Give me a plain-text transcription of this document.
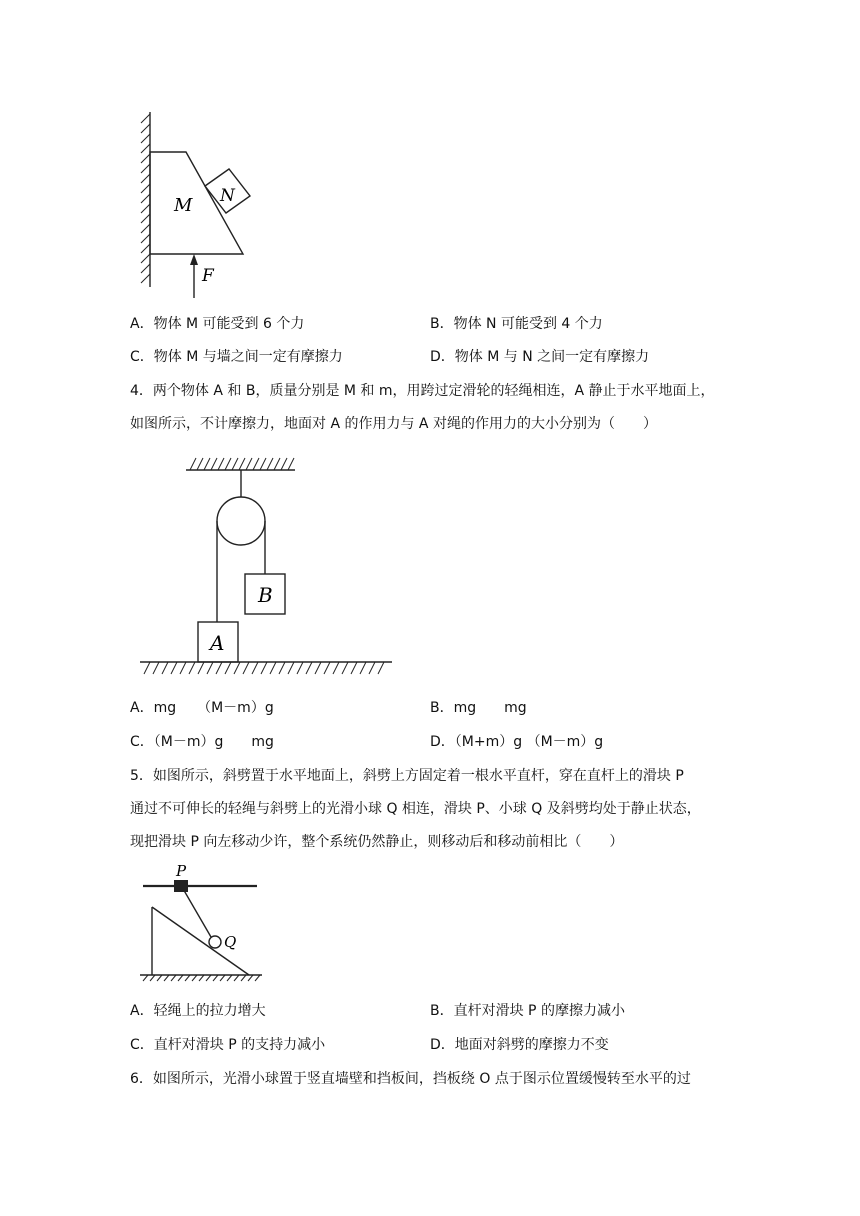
M N
F
A．物体 M 可能受到 6 个力	B．物体 N 可能受到 4 个力
C．物体 M 与墙之间一定有摩擦力	D．物体 M 与 N 之间一定有摩擦力
4．两个物体 A 和 B，质量分别是 M 和 m，用跨过定滑轮的轻绳相连，A 静止于水平地面上，
如图所示，不计摩擦力，地面对 A 的作用力与 A 对绳的作用力的大小分别为（　　）
B
A
A．mg　　（M－m）g	B．mg　　mg
C．（M－m）g　　mg	D．（M+m）g （M－m）g
5．如图所示，斜劈置于水平地面上，斜劈上方固定着一根水平直杆，穿在直杆上的滑块 P
通过不可伸长的轻绳与斜劈上的光滑小球 Q 相连，滑块 P、小球 Q 及斜劈均处于静止状态，
现把滑块 P 向左移动少许，整个系统仍然静止，则移动后和移动前相比（　　）
P
Q
A．轻绳上的拉力增大	B．直杆对滑块 P 的摩擦力减小
C．直杆对滑块 P 的支持力减小	D．地面对斜劈的摩擦力不变
6．如图所示，光滑小球置于竖直墙壁和挡板间，挡板绕 O 点于图示位置缓慢转至水平的过
